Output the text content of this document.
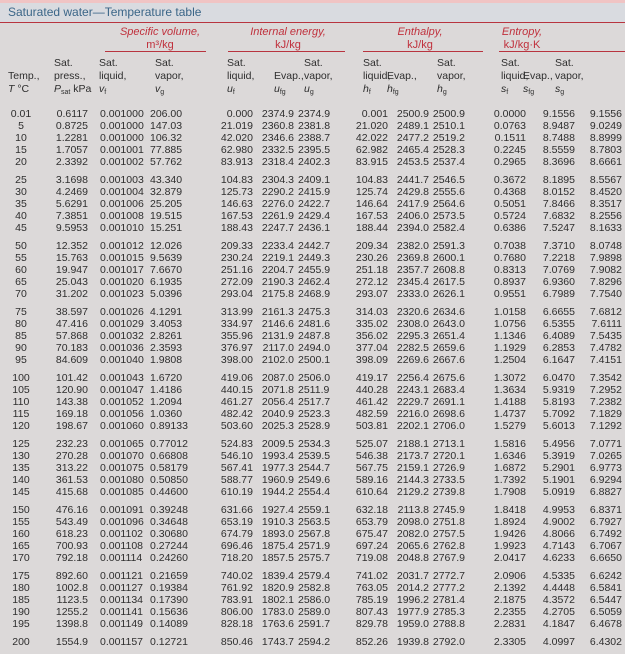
Saturated water—Temperature table
Specific volume,
m³/kg
Internal energy,
kJ/kg
Enthalpy,
kJ/kg
Entropy,
kJ/kg·K

Temp.,
T °C
Sat.
press.,
$P_{sat}$ kPa
Sat.
liquid,
$v_f$
Sat.
vapor,
$v_g$
Sat.
liquid,
$u_f$

Evap.,
$u_{fg}$
Sat.
vapor,
$u_g$
Sat.
liquid,
$h_f$

Evap.,
$h_{fg}$
Sat.
vapor,
$h_g$
Sat.
liquid,
$s_f$

Evap.,
$s_{fg}$
Sat.
vapor,
$s_g$
0.01	0.6117	0.001000 206.00	0.000 2374.9 2374.9	0.001 2500.9 2500.9	0.0000	9.1556	9.1556
5	0.8725	0.001000 147.03	21.019 2360.8 2381.8	21.020 2489.1 2510.1	0.0763	8.9487	9.0249
10	1.2281	0.001000 106.32	42.020 2346.6 2388.7	42.022 2477.2 2519.2	0.1511	8.7488	8.8999
15	1.7057	0.001001 77.885	62.980 2332.5 2395.5	62.982 2465.4 2528.3	0.2245	8.5559	8.7803
20	2.3392	0.001002 57.762	83.913 2318.4 2402.3	83.915 2453.5 2537.4	0.2965	8.3696	8.6661
25	3.1698	0.001003 43.340	104.83 2304.3 2409.1	104.83 2441.7 2546.5	0.3672	8.1895	8.5567
30	4.2469	0.001004 32.879	125.73 2290.2 2415.9	125.74 2429.8 2555.6	0.4368	8.0152	8.4520
35	5.6291	0.001006 25.205	146.63 2276.0 2422.7	146.64 2417.9 2564.6	0.5051	7.8466	8.3517
40	7.3851	0.001008 19.515	167.53 2261.9 2429.4	167.53 2406.0 2573.5	0.5724	7.6832	8.2556
45	9.5953	0.001010 15.251	188.43 2247.7 2436.1	188.44 2394.0 2582.4	0.6386	7.5247	8.1633
50	12.352	0.001012 12.026	209.33 2233.4 2442.7	209.34 2382.0 2591.3	0.7038	7.3710	8.0748
55	15.763	0.001015 9.5639	230.24 2219.1 2449.3	230.26 2369.8 2600.1	0.7680	7.2218	7.9898
60	19.947	0.001017 7.6670	251.16 2204.7 2455.9	251.18 2357.7 2608.8	0.8313	7.0769	7.9082
65	25.043	0.001020 6.1935	272.09 2190.3 2462.4	272.12 2345.4 2617.5	0.8937	6.9360	7.8296
70	31.202	0.001023 5.0396	293.04 2175.8 2468.9	293.07 2333.0 2626.1	0.9551	6.7989	7.7540
75	38.597	0.001026 4.1291	313.99 2161.3 2475.3	314.03 2320.6 2634.6	1.0158	6.6655	7.6812
80	47.416	0.001029 3.4053	334.97 2146.6 2481.6	335.02 2308.0 2643.0	1.0756	6.5355	7.6111
85	57.868	0.001032 2.8261	355.96 2131.9 2487.8	356.02 2295.3 2651.4	1.1346	6.4089	7.5435
90	70.183	0.001036 2.3593	376.97 2117.0 2494.0	377.04 2282.5 2659.6	1.1929	6.2853	7.4782
95	84.609	0.001040 1.9808	398.00 2102.0 2500.1	398.09 2269.6 2667.6	1.2504	6.1647	7.4151
100	101.42	0.001043 1.6720	419.06 2087.0 2506.0	419.17 2256.4 2675.6	1.3072	6.0470	7.3542
105	120.90	0.001047 1.4186	440.15 2071.8 2511.9	440.28 2243.1 2683.4	1.3634	5.9319	7.2952
110	143.38	0.001052 1.2094	461.27 2056.4 2517.7	461.42 2229.7 2691.1	1.4188	5.8193	7.2382
115	169.18	0.001056 1.0360	482.42 2040.9 2523.3	482.59 2216.0 2698.6	1.4737	5.7092	7.1829
120	198.67	0.001060 0.89133	503.60 2025.3 2528.9	503.81 2202.1 2706.0	1.5279	5.6013	7.1292
125	232.23	0.001065 0.77012	524.83 2009.5 2534.3	525.07 2188.1 2713.1	1.5816	5.4956	7.0771
130	270.28	0.001070 0.66808	546.10 1993.4 2539.5	546.38 2173.7 2720.1	1.6346	5.3919	7.0265
135	313.22	0.001075 0.58179	567.41 1977.3 2544.7	567.75 2159.1 2726.9	1.6872	5.2901	6.9773
140	361.53	0.001080 0.50850	588.77 1960.9 2549.6	589.16 2144.3 2733.5	1.7392	5.1901	6.9294
145	415.68	0.001085 0.44600	610.19 1944.2 2554.4	610.64 2129.2 2739.8	1.7908	5.0919	6.8827
150	476.16	0.001091 0.39248	631.66 1927.4 2559.1	632.18 2113.8 2745.9	1.8418	4.9953	6.8371
155	543.49	0.001096 0.34648	653.19 1910.3 2563.5	653.79 2098.0 2751.8	1.8924	4.9002	6.7927
160	618.23	0.001102 0.30680	674.79 1893.0 2567.8	675.47 2082.0 2757.5	1.9426	4.8066	6.7492
165	700.93	0.001108 0.27244	696.46 1875.4 2571.9	697.24 2065.6 2762.8	1.9923	4.7143	6.7067
170	792.18	0.001114 0.24260	718.20 1857.5 2575.7	719.08 2048.8 2767.9	2.0417	4.6233	6.6650
175	892.60	0.001121 0.21659	740.02 1839.4 2579.4	741.02 2031.7 2772.7	2.0906	4.5335	6.6242
180	1002.8	0.001127 0.19384	761.92 1820.9 2582.8	763.05 2014.2 2777.2	2.1392	4.4448	6.5841
185	1123.5	0.001134 0.17390	783.91 1802.1 2586.0	785.19 1996.2 2781.4	2.1875	4.3572	6.5447
190	1255.2	0.001141 0.15636	806.00 1783.0 2589.0	807.43 1977.9 2785.3	2.2355	4.2705	6.5059
195	1398.8	0.001149 0.14089	828.18 1763.6 2591.7	829.78 1959.0 2788.8	2.2831	4.1847	6.4678
200	1554.9	0.001157 0.12721	850.46 1743.7 2594.2	852.26 1939.8 2792.0	2.3305	4.0997	6.4302
